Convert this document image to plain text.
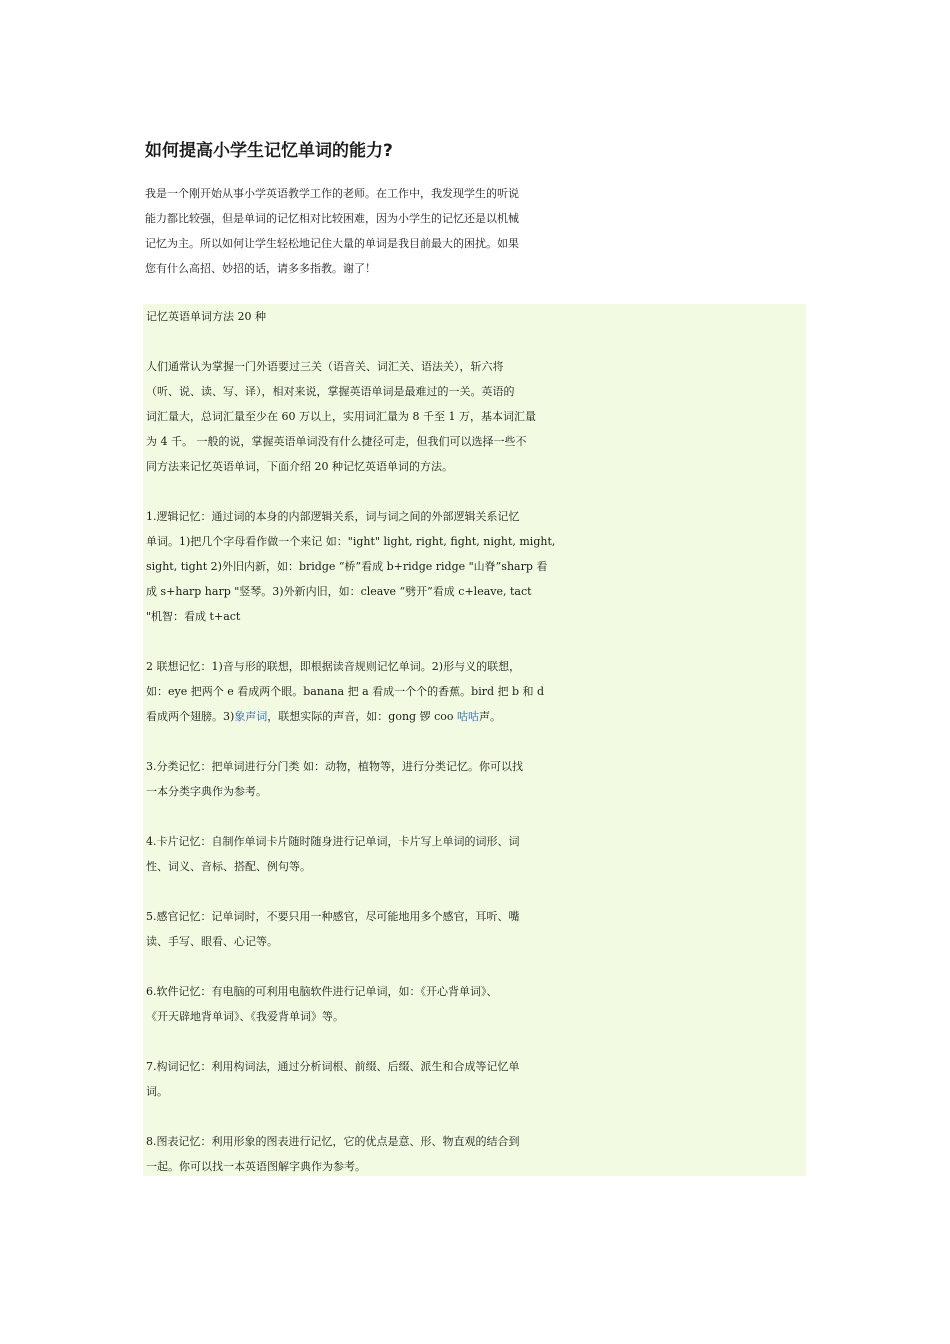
如何提高小学生记忆单词的能力?
我是一个刚开始从事小学英语教学工作的老师。在工作中，我发现学生的听说
能力都比较强，但是单词的记忆相对比较困难，因为小学生的记忆还是以机械
记忆为主。所以如何让学生轻松地记住大量的单词是我目前最大的困扰。如果
您有什么高招、妙招的话，请多多指教。谢了！
记忆英语单词方法 20 种
人们通常认为掌握一门外语要过三关（语音关、词汇关、语法关），斩六将
（听、说、读、写、译），相对来说，掌握英语单词是最难过的一关。英语的
词汇量大，总词汇量至少在 60 万以上，实用词汇量为 8 千至 1 万，基本词汇量
为 4 千。 一般的说，掌握英语单词没有什么捷径可走，但我们可以选择一些不
同方法来记忆英语单词，下面介绍 20 种记忆英语单词的方法。
1.逻辑记忆：通过词的本身的内部逻辑关系，词与词之间的外部逻辑关系记忆
单词。1)把几个字母看作做一个来记 如："ight" light, right, fight, night, might,
sight, tight 2)外旧内新，如：bridge “桥”看成 b+ridge ridge "山脊”sharp 看
成 s+harp harp "竖琴。3)外新内旧，如：cleave “劈开”看成 c+leave, tact
"机智：看成 t+act
2 联想记忆：1)音与形的联想，即根据读音规则记忆单词。2)形与义的联想，
如：eye 把两个 e 看成两个眼。banana 把 a 看成一个个的香蕉。bird 把 b 和 d
看成两个翅膀。3)象声词，联想实际的声音，如：gong 锣 coo 咕咕声。
3.分类记忆：把单词进行分门类 如：动物，植物等，进行分类记忆。你可以找
一本分类字典作为参考。
4.卡片记忆：自制作单词卡片随时随身进行记单词，卡片写上单词的词形、词
性、词义、音标、搭配、例句等。
5.感官记忆：记单词时，不要只用一种感官，尽可能地用多个感官，耳听、嘴
读、手写、眼看、心记等。
6.软件记忆：有电脑的可利用电脑软件进行记单词，如：《开心背单词》、
《开天辟地背单词》、《我爱背单词》等。
7.构词记忆：利用构词法，通过分析词根、前缀、后缀、派生和合成等记忆单
词。
8.图表记忆：利用形象的图表进行记忆，它的优点是意、形、物直观的结合到
一起。你可以找一本英语图解字典作为参考。
